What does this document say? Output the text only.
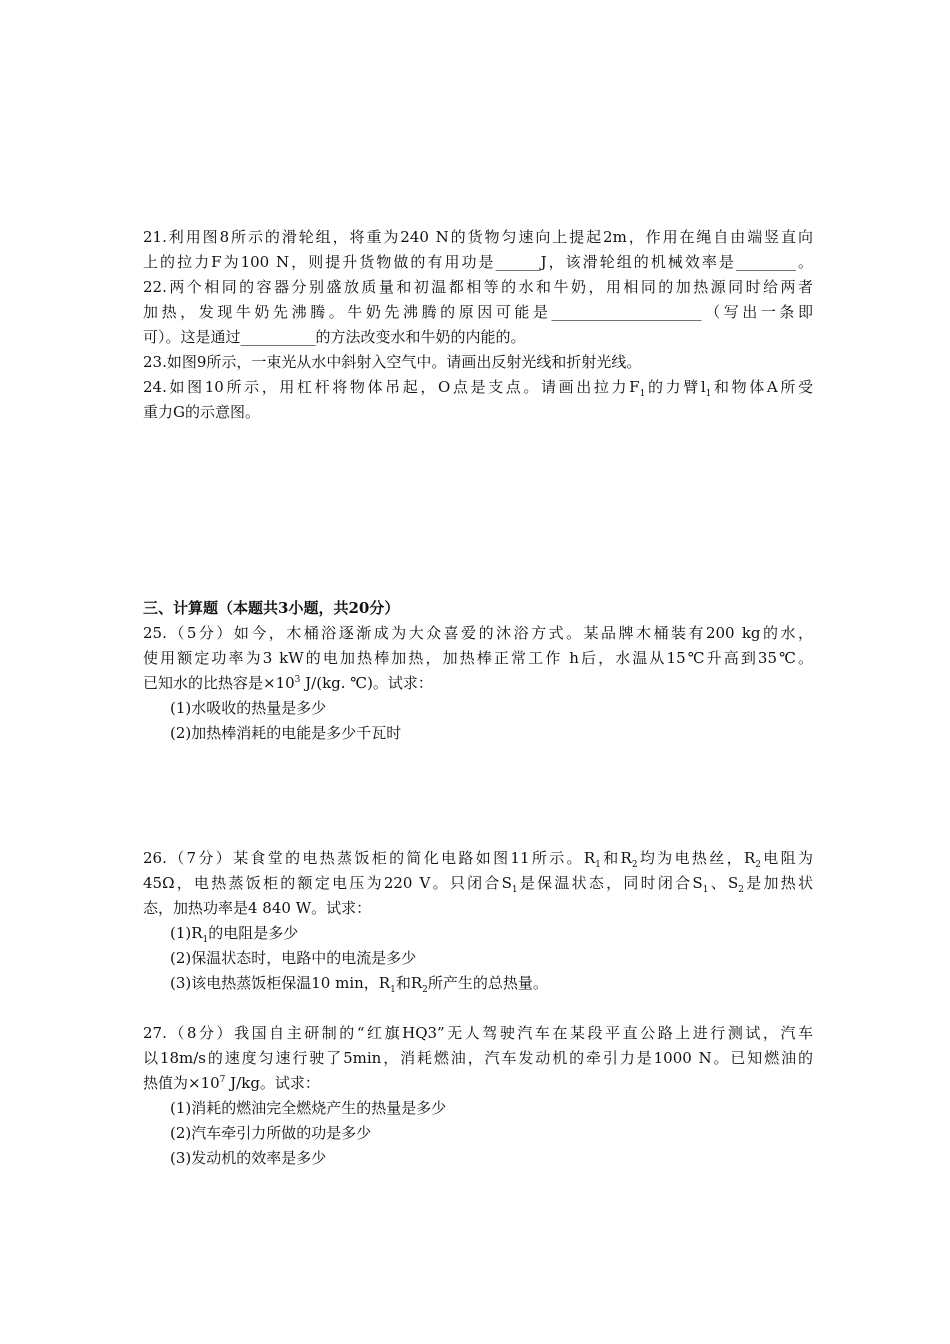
21.利用图8所示的滑轮组，将重为240 N的货物匀速向上提起2m，作用在绳自由端竖直向
上的拉力F为100 N，则提升货物做的有用功是______J，该滑轮组的机械效率是________。
22.两个相同的容器分别盛放质量和初温都相等的水和牛奶，用相同的加热源同时给两者
加热，发现牛奶先沸腾。牛奶先沸腾的原因可能是____________________（写出一条即
可）。这是通过__________的方法改变水和牛奶的内能的。
23.如图9所示，一束光从水中斜射入空气中。请画出反射光线和折射光线。
24.如图10所示，用杠杆将物体吊起，O点是支点。请画出拉力$F_1$的力臂$l_1$和物体A所受
重力G的示意图。
三、计算题（本题共3小题，共20分）
25.（5分）如今，木桶浴逐渐成为大众喜爱的沐浴方式。某品牌木桶装有200 kg的水，
使用额定功率为3 kW的电加热棒加热，加热棒正常工作 h后，水温从15℃升高到35℃。
已知水的比热容是$\times 10^3$ J/(kg. ℃)。试求：
(1)水吸收的热量是多少
(2)加热棒消耗的电能是多少千瓦时
26.（7分）某食堂的电热蒸饭柜的简化电路如图11所示。$R_1$和$R_2$均为电热丝，$R_2$电阻为
45Ω，电热蒸饭柜的额定电压为220 V。只闭合$S_1$是保温状态，同时闭合$S_1$、$S_2$是加热状
态，加热功率是4 840 W。试求：
$(1)R_1$的电阻是多少
(2)保温状态时，电路中的电流是多少
(3)该电热蒸饭柜保温10 min，$R_1$和$R_2$所产生的总热量。
27.（8分）我国自主研制的“红旗HQ3”无人驾驶汽车在某段平直公路上进行测试，汽车
以18m/s的速度匀速行驶了5min，消耗燃油，汽车发动机的牵引力是1000 N。已知燃油的
热值为$\times 10^7$ J/kg。试求：
(1)消耗的燃油完全燃烧产生的热量是多少
(2)汽车牵引力所做的功是多少
(3)发动机的效率是多少
